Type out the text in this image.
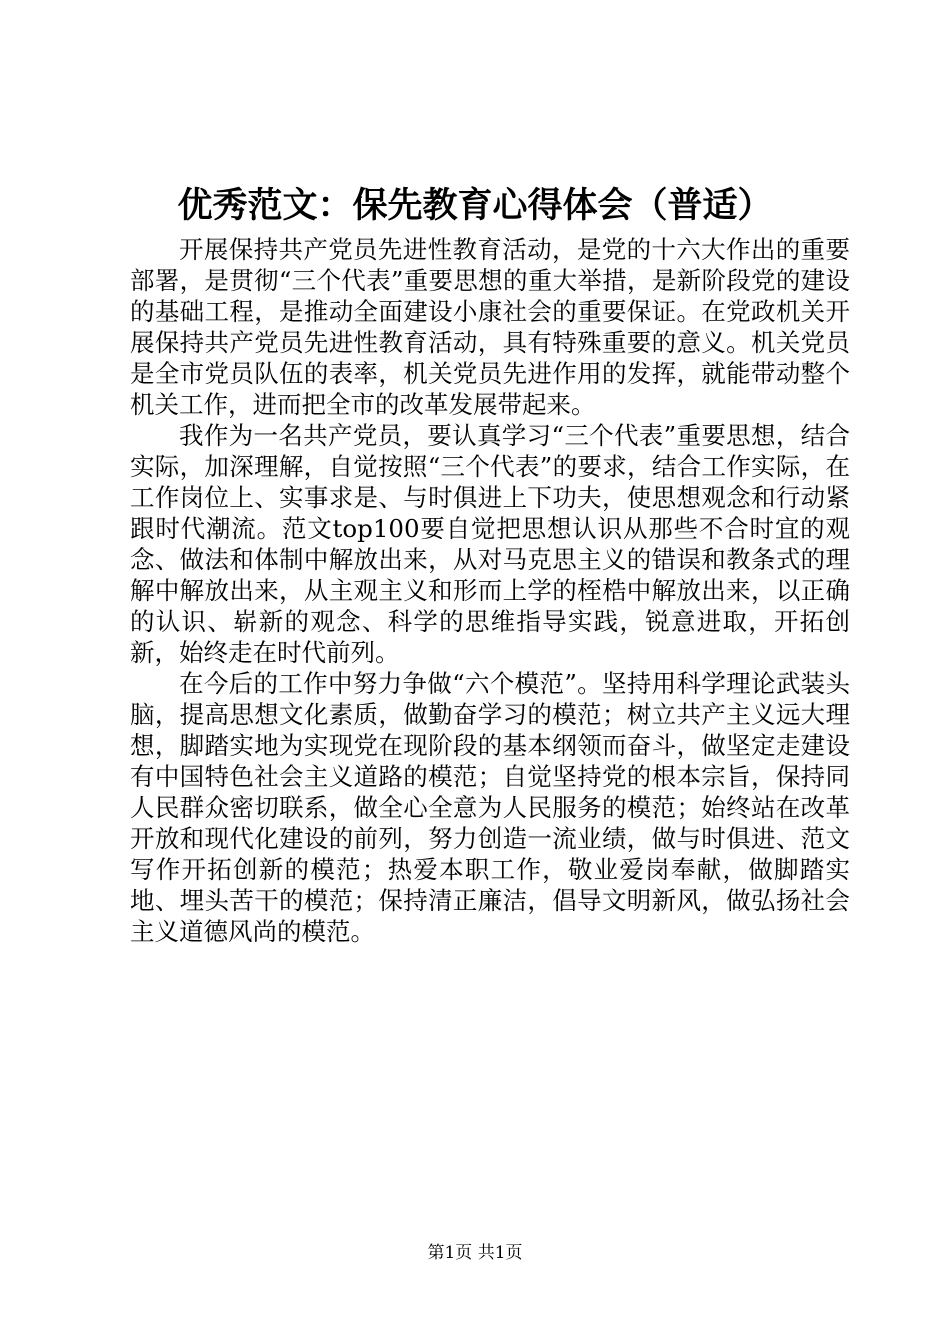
优秀范文：保先教育心得体会（普适）

开展保持共产党员先进性教育活动，是党的十六大作出的重要部署，是贯彻“三个代表”重要思想的重大举措，是新阶段党的建设的基础工程，是推动全面建设小康社会的重要保证。在党政机关开展保持共产党员先进性教育活动，具有特殊重要的意义。机关党员是全市党员队伍的表率，机关党员先进作用的发挥，就能带动整个机关工作，进而把全市的改革发展带起来。

我作为一名共产党员，要认真学习“三个代表”重要思想，结合实际，加深理解，自觉按照“三个代表”的要求，结合工作实际，在工作岗位上、实事求是、与时俱进上下功夫，使思想观念和行动紧跟时代潮流。范文top100要自觉把思想认识从那些不合时宜的观念、做法和体制中解放出来，从对马克思主义的错误和教条式的理解中解放出来，从主观主义和形而上学的桎梏中解放出来，以正确的认识、崭新的观念、科学的思维指导实践，锐意进取，开拓创新，始终走在时代前列。

在今后的工作中努力争做“六个模范”。坚持用科学理论武装头脑，提高思想文化素质，做勤奋学习的模范；树立共产主义远大理想，脚踏实地为实现党在现阶段的基本纲领而奋斗，做坚定走建设有中国特色社会主义道路的模范；自觉坚持党的根本宗旨，保持同人民群众密切联系，做全心全意为人民服务的模范；始终站在改革开放和现代化建设的前列，努力创造一流业绩，做与时俱进、范文写作开拓创新的模范；热爱本职工作，敬业爱岗奉献，做脚踏实地、埋头苦干的模范；保持清正廉洁，倡导文明新风，做弘扬社会主义道德风尚的模范。

第1页 共1页
